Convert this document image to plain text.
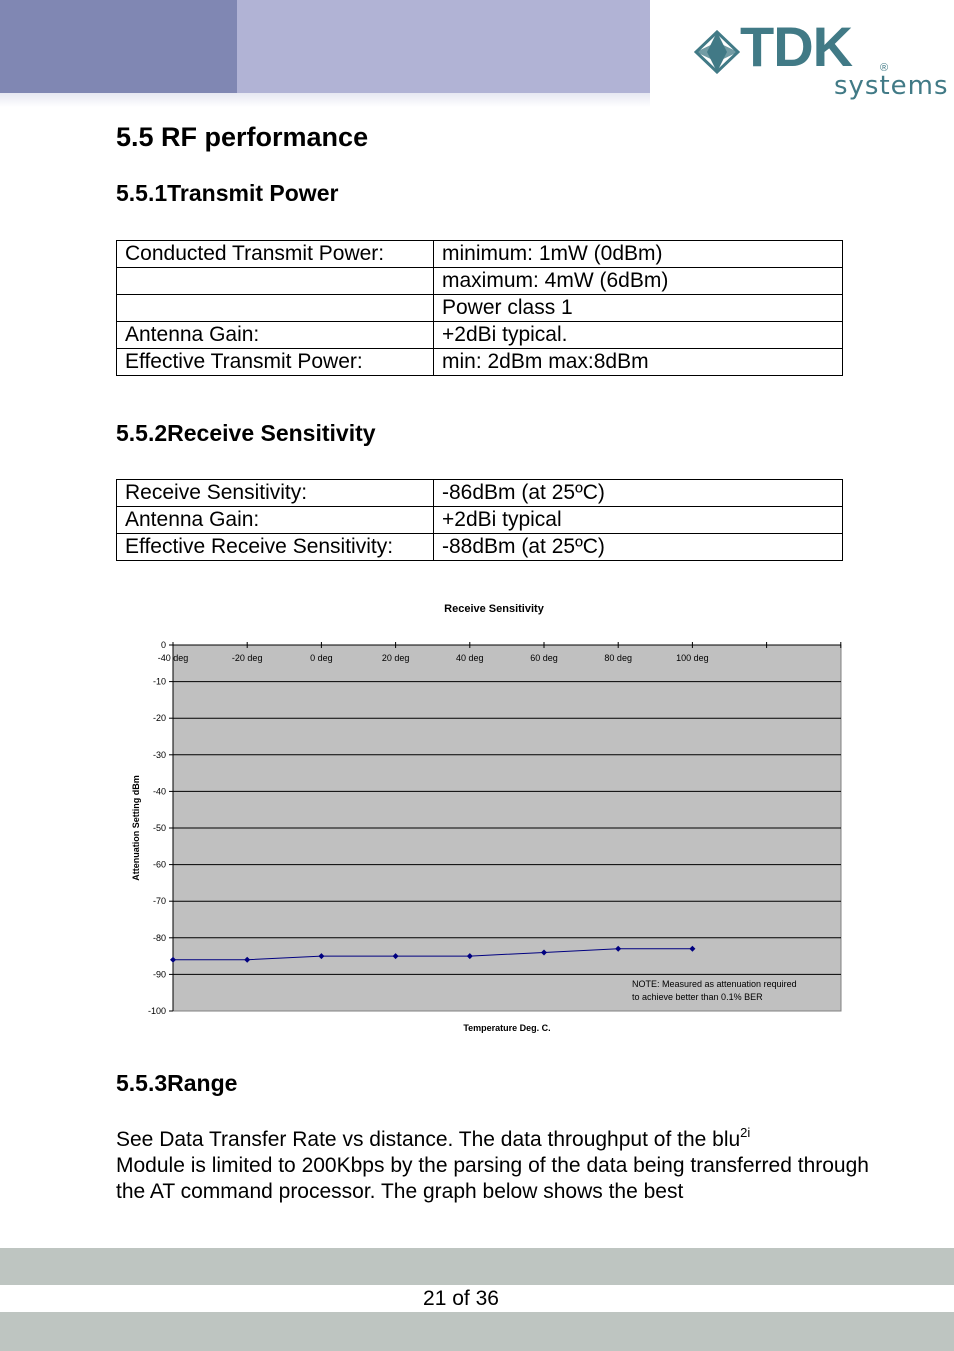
TDK	®
systems
5.5 RF performance
5.5.1Transmit Power
Conducted Transmit Power:	minimum: 1mW (0dBm)
	maximum: 4mW (6dBm)
	Power class 1
Antenna Gain:	+2dBi typical.
Effective Transmit Power:	min: 2dBm max:8dBm
5.5.2Receive Sensitivity
Receive Sensitivity:	-86dBm (at 25ºC)
Antenna Gain:	+2dBi typical
Effective Receive Sensitivity:	-88dBm (at 25ºC)
0
-10
-20
-30
-40
-50
-60
-70
-80
-90
-100
-40 deg	-20 deg	0 deg	20 deg	40 deg	60 deg	80 deg	100 deg
Receive Sensitivity
Temperature Deg. C.
Attenuation Setting dBm
NOTE: Measured as attenuation required
to achieve better than 0.1% BER
5.5.3Range
See Data Transfer Rate vs distance. The data throughput of the blu$^{2i}$
Module is limited to 200Kbps by the parsing of the data being transferred through the AT command processor. The graph below shows the best
21 of 36
